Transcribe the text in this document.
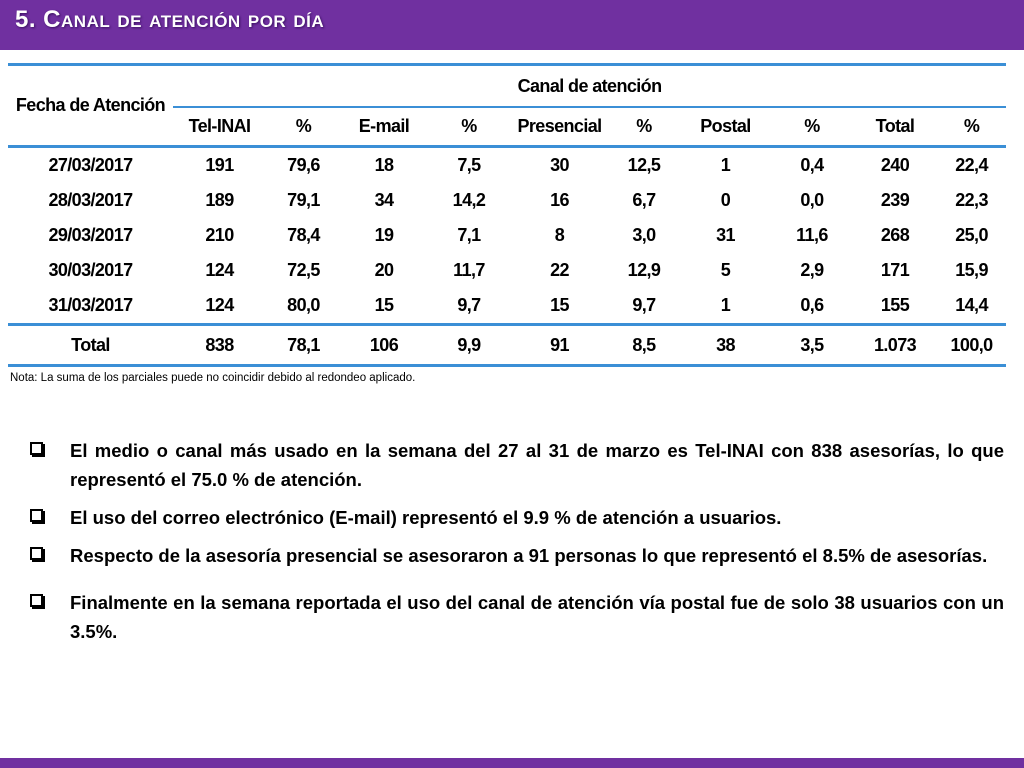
5. Canal de atención por día
Fecha de Atención	Canal de atención									
	Tel-INAI	%	E-mail	%	Presencial	%	Postal	%	Total	%
27/03/2017	191	79,6	18	7,5	30	12,5	1	0,4	240	22,4
28/03/2017	189	79,1	34	14,2	16	6,7	0	0,0	239	22,3
29/03/2017	210	78,4	19	7,1	8	3,0	31	11,6	268	25,0
30/03/2017	124	72,5	20	11,7	22	12,9	5	2,9	171	15,9
31/03/2017	124	80,0	15	9,7	15	9,7	1	0,6	155	14,4
Total	838	78,1	106	9,9	91	8,5	38	3,5	1.073	100,0
Nota: La suma de los parciales puede no coincidir debido al redondeo aplicado.
El medio o canal más usado en la semana del 27 al 31 de marzo es Tel-INAI con 838 asesorías, lo que representó el 75.0 % de atención.
El uso del correo electrónico (E-mail) representó el 9.9 % de atención a usuarios.
Respecto de la asesoría presencial se asesoraron a 91 personas lo que representó el 8.5% de asesorías.
Finalmente en la semana reportada el uso del canal de atención vía postal fue de solo 38 usuarios con un 3.5%.
